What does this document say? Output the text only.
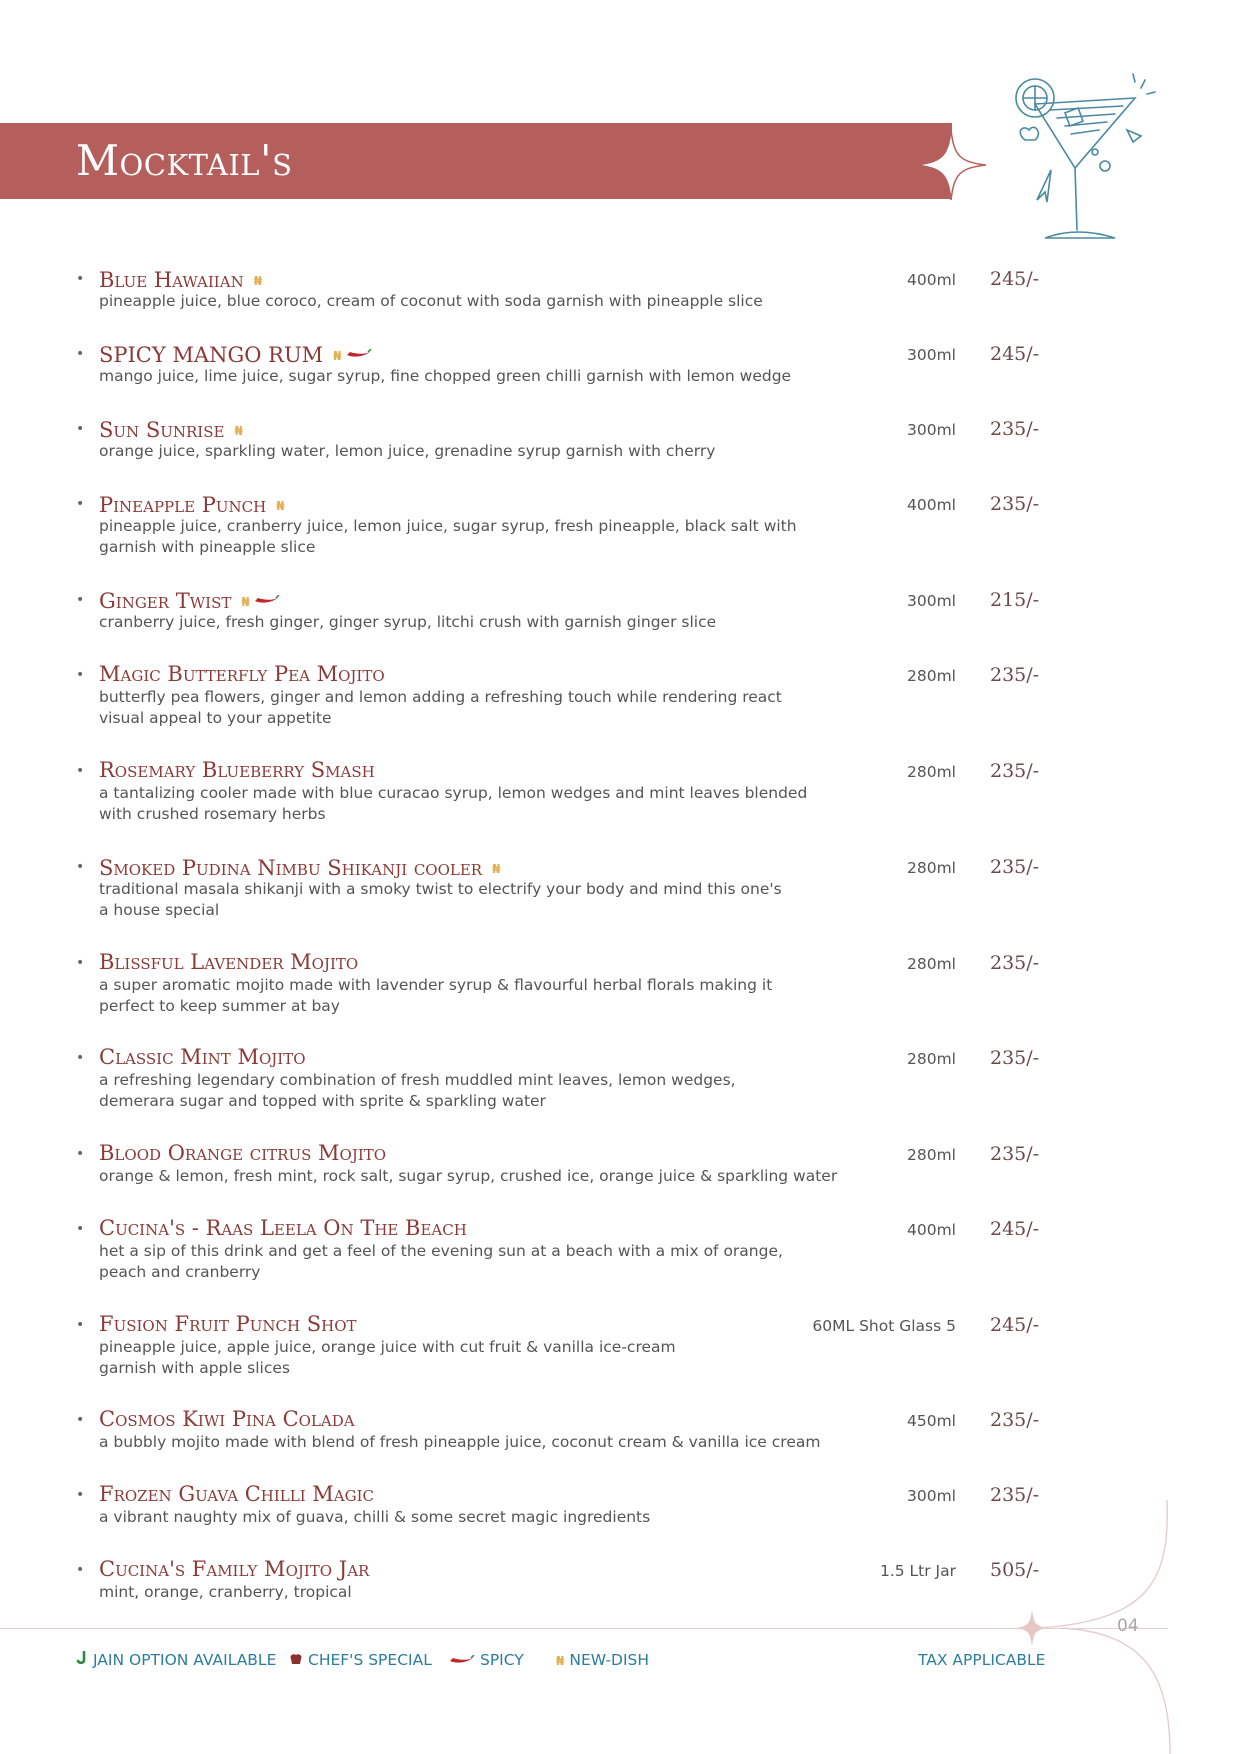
Mocktail's
• Blue Hawaiian ₦
pineapple juice, blue coroco, cream of coconut with soda garnish with pineapple slice
400ml 245/-
• SPICY MANGO RUM ₦
mango juice, lime juice, sugar syrup, fine chopped green chilli garnish with lemon wedge
300ml 245/-
• Sun Sunrise ₦
orange juice, sparkling water, lemon juice, grenadine syrup garnish with cherry
300ml 235/-
• Pineapple Punch ₦
pineapple juice, cranberry juice, lemon juice, sugar syrup, fresh pineapple, black salt with
garnish with pineapple slice
400ml 235/-
• Ginger Twist ₦
cranberry juice, fresh ginger, ginger syrup, litchi crush with garnish ginger slice
300ml 215/-
• Magic Butterfly Pea Mojito
butterfly pea flowers, ginger and lemon adding a refreshing touch while rendering react
visual appeal to your appetite
280ml 235/-
• Rosemary Blueberry Smash
a tantalizing cooler made with blue curacao syrup, lemon wedges and mint leaves blended
with crushed rosemary herbs
280ml 235/-
• Smoked Pudina Nimbu Shikanji cooler ₦
traditional masala shikanji with a smoky twist to electrify your body and mind this one's
a house special
280ml 235/-
• Blissful Lavender Mojito
a super aromatic mojito made with lavender syrup & flavourful herbal florals making it
perfect to keep summer at bay
280ml 235/-
• Classic Mint Mojito
a refreshing legendary combination of fresh muddled mint leaves, lemon wedges,
demerara sugar and topped with sprite & sparkling water
280ml 235/-
• Blood Orange citrus Mojito
orange & lemon, fresh mint, rock salt, sugar syrup, crushed ice, orange juice & sparkling water
280ml 235/-
• Cucina's - Raas Leela On The Beach
het a sip of this drink and get a feel of the evening sun at a beach with a mix of orange,
peach and cranberry
400ml 245/-
• Fusion Fruit Punch Shot
pineapple juice, apple juice, orange juice with cut fruit & vanilla ice-cream
garnish with apple slices
60ML Shot Glass 5 245/-
• Cosmos Kiwi Pina Colada
a bubbly mojito made with blend of fresh pineapple juice, coconut cream & vanilla ice cream
450ml 235/-
• Frozen Guava Chilli Magic
a vibrant naughty mix of guava, chilli & some secret magic ingredients
300ml 235/-
• Cucina's Family Mojito Jar
mint, orange, cranberry, tropical
1.5 Ltr Jar 505/-
04
JAIN OPTION AVAILABLE	CHEF'S SPECIAL	SPICY	₦ NEW-DISH	TAX APPLICABLE
